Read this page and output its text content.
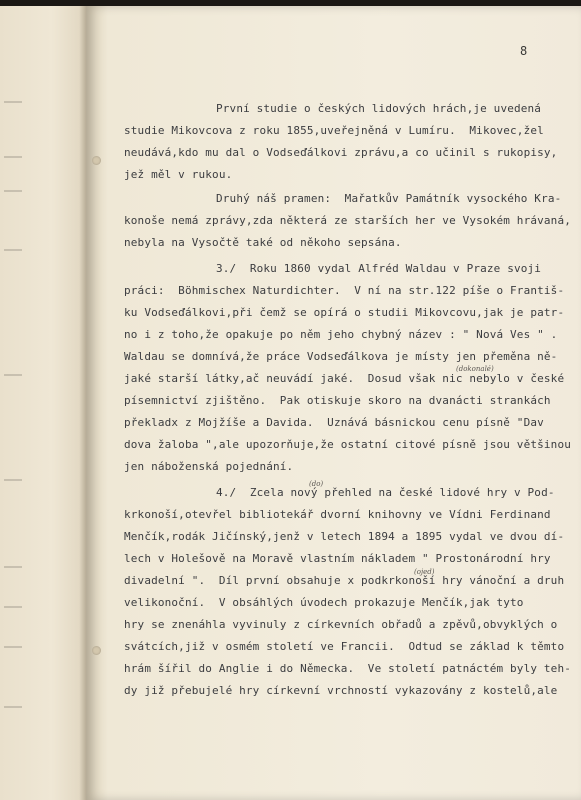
8

První studie o českých lidových hrách,je uvedená

studie Mikovcova z roku 1855,uveřejněná v Lumíru.  Mikovec,žel

neudává,kdo mu dal o Vodseďálkovi zprávu,a co učinil s rukopisy,

jež měl v rukou.

Druhý náš pramen:  Mařatkův Památník vysockého Kra-

konoše nemá zprávy,zda některá ze starších her ve Vysokém hrávaná,

nebyla na Vysočtě také od někoho sepsána.

3./  Roku 1860 vydal Alfréd Waldau v Praze svoji

práci:  Böhmischex Naturdichter.  V ní na str.122 píše o Františ-

ku Vodseďálkovi,při čemž se opírá o studii Mikovcovu,jak je patr-

no i z toho,že opakuje po něm jeho chybný název : " Nová Ves " .

Waldau se domnívá,že práce Vodseďálkova je místy jen přeměna ně-

(dokonalé)

jaké starší látky,ač neuvádí jaké.  Dosud však nic nebylo v české

písemnictví zjištěno.  Pak otiskuje skoro na dvanácti strankách

překladx z Mojžíše a Davida.  Uznává básnickou cenu písně "Dav

dova žaloba ",ale upozorňuje,že ostatní citové písně jsou většinou

jen náboženská pojednání.

(do)

4./  Zcela nový přehled na české lidové hry v Pod-

krkonoší,otevřel bibliotekář dvorní knihovny ve Vídni Ferdinand

Menčík,rodák Jičínský,jenž v letech 1894 a 1895 vydal ve dvou dí-

lech v Holešově na Moravě vlastním nákladem " Prostonárodní hry

(ojed)

divadelní ".  Díl první obsahuje x podkrkonoší hry vánoční a druh

velikonoční.  V obsáhlých úvodech prokazuje Menčík,jak tyto

hry se znenáhla vyvinuly z církevních obřadů a zpěvů,obvyklých o

svátcích,již v osmém století ve Francii.  Odtud se základ k těmto

hrám šířil do Anglie i do Německa.  Ve století patnáctém byly teh-

dy již přebujelé hry církevní vrchností vykazovány z kostelů,ale
